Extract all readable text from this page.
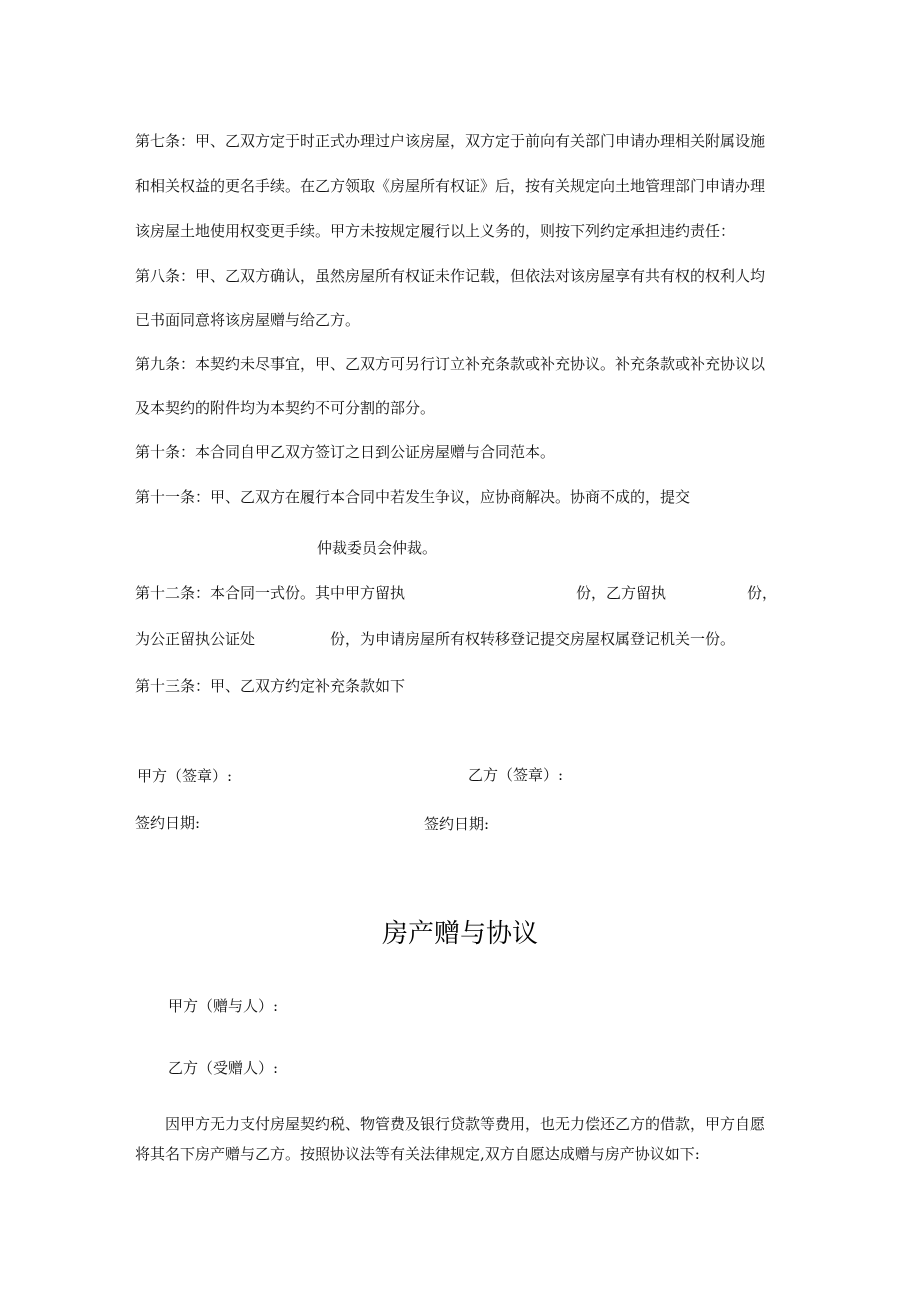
第七条：甲、乙双方定于时正式办理过户该房屋，双方定于前向有关部门申请办理相关附属设施
和相关权益的更名手续。在乙方领取《房屋所有权证》后，按有关规定向土地管理部门申请办理
该房屋土地使用权变更手续。甲方未按规定履行以上义务的，则按下列约定承担违约责任：
第八条：甲、乙双方确认，虽然房屋所有权证未作记载，但依法对该房屋享有共有权的权利人均
已书面同意将该房屋赠与给乙方。
第九条：本契约未尽事宜，甲、乙双方可另行订立补充条款或补充协议。补充条款或补充协议以
及本契约的附件均为本契约不可分割的部分。
第十条：本合同自甲乙双方签订之日到公证房屋赠与合同范本。
第十一条：甲、乙双方在履行本合同中若发生争议，应协商解决。协商不成的，提交
仲裁委员会仲裁。
第十二条：本合同一式份。其中甲方留执	份，乙方留执	份，
为公正留执公证处	份，为申请房屋所有权转移登记提交房屋权属登记机关一份。
第十三条：甲、乙双方约定补充条款如下
甲方（签章）:	乙方（签章）:
签约日期:	签约日期:
房产赠与协议
甲方（赠与人）:
乙方（受赠人）:
因甲方无力支付房屋契约税、物管费及银行贷款等费用，也无力偿还乙方的借款，甲方自愿
将其名下房产赠与乙方。按照协议法等有关法律规定,双方自愿达成赠与房产协议如下:
